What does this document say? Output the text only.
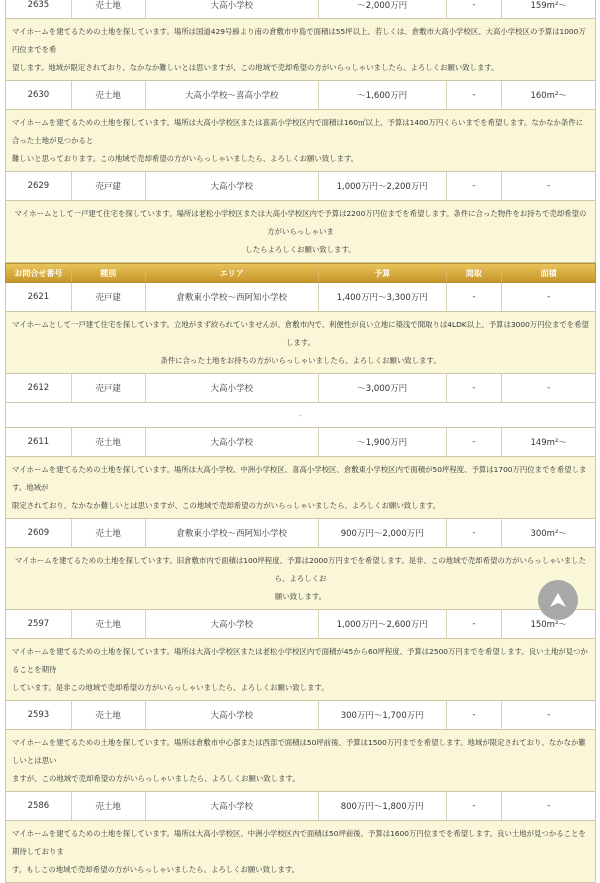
2635	売土地	大高小学校	～2,000万円	-	159m²～
マイホームを建てるための土地を探しています。場所は国道429号線より南の倉敷市中島で面積は55坪以上、若しくは、倉敷市大高小学校区、大高小学校区の予算は1000万円位までを希
望します。地域が限定されており、なかなか難しいとは思いますが、この地域で売却希望の方がいらっしゃいましたら、よろしくお願い致します。
2630	売土地	大高小学校～喜高小学校	～1,600万円	-	160m²～
マイホームを建てるための土地を探しています。場所は大高小学校区または喜高小学校区内で面積は160㎡以上、予算は1400万円くらいまでを希望します。なかなか条件に合った土地が見つかると
難しいと思っております。この地域で売却希望の方がいらっしゃいましたら、よろしくお願い致します。
2629	売戸建	大高小学校	1,000万円～2,200万円	-	-
マイホームとして一戸建て住宅を探しています。場所は老松小学校区または大高小学校区内で予算は2200万円位までを希望します。条件に合った物件をお持ちで売却希望の方がいらっしゃいま
したらよろしくお願い致します。
お問合せ番号	種別	エリア	予算	間取	面積
2621	売戸建	倉敷東小学校～西阿知小学校	1,400万円～3,300万円	-	-
マイホームとして一戸建て住宅を探しています。立地がまず絞られていませんが、倉敷市内で、利便性が良い立地に築浅で間取りは4LDK以上、予算は3000万円位までを希望します。
条件に合った土地をお持ちの方がいらっしゃいましたら、よろしくお願い致します。
2612	売戸建	大高小学校	～3,000万円	-	-
-
2611	売土地	大高小学校	～1,900万円	-	149m²～
マイホームを建てるための土地を探しています。場所は大高小学校、中洲小学校区、喜高小学校区、倉敷東小学校区内で面積が50坪程度、予算は1700万円位までを希望します。地域が
限定されており、なかなか難しいとは思いますが、この地域で売却希望の方がいらっしゃいましたら、よろしくお願い致します。
2609	売土地	倉敷東小学校～西阿知小学校	900万円～2,000万円	-	300m²～
マイホームを建てるための土地を探しています。旧倉敷市内で面積は100坪程度、予算は2000万円までを希望します。是非、この地域で売却希望の方がいらっしゃいましたら、よろしくお
願い致します。
2597	売土地	大高小学校	1,000万円～2,600万円	-	150m²～
マイホームを建てるための土地を探しています。場所は大高小学校区または老松小学校区内で面積が45から60坪程度、予算は2500万円までを希望します。良い土地が見つかることを期待
しています。是非この地域で売却希望の方がいらっしゃいましたら、よろしくお願い致します。
2593	売土地	大高小学校	300万円～1,700万円	-	-
マイホームを建てるための土地を探しています。場所は倉敷市中心部または西部で面積は50坪前後、予算は1500万円までを希望します。地域が限定されており、なかなか難しいとは思い
ますが、この地域で売却希望の方がいらっしゃいましたら、よろしくお願い致します。
2586	売土地	大高小学校	800万円～1,800万円	-	-
マイホームを建てるための土地を探しています。場所は大高小学校区、中洲小学校区内で面積は50坪前後、予算は1600万円位までを希望します。良い土地が見つかることを期待しておりま
す。もしこの地域で売却希望の方がいらっしゃいましたら、よろしくお願い致します。
